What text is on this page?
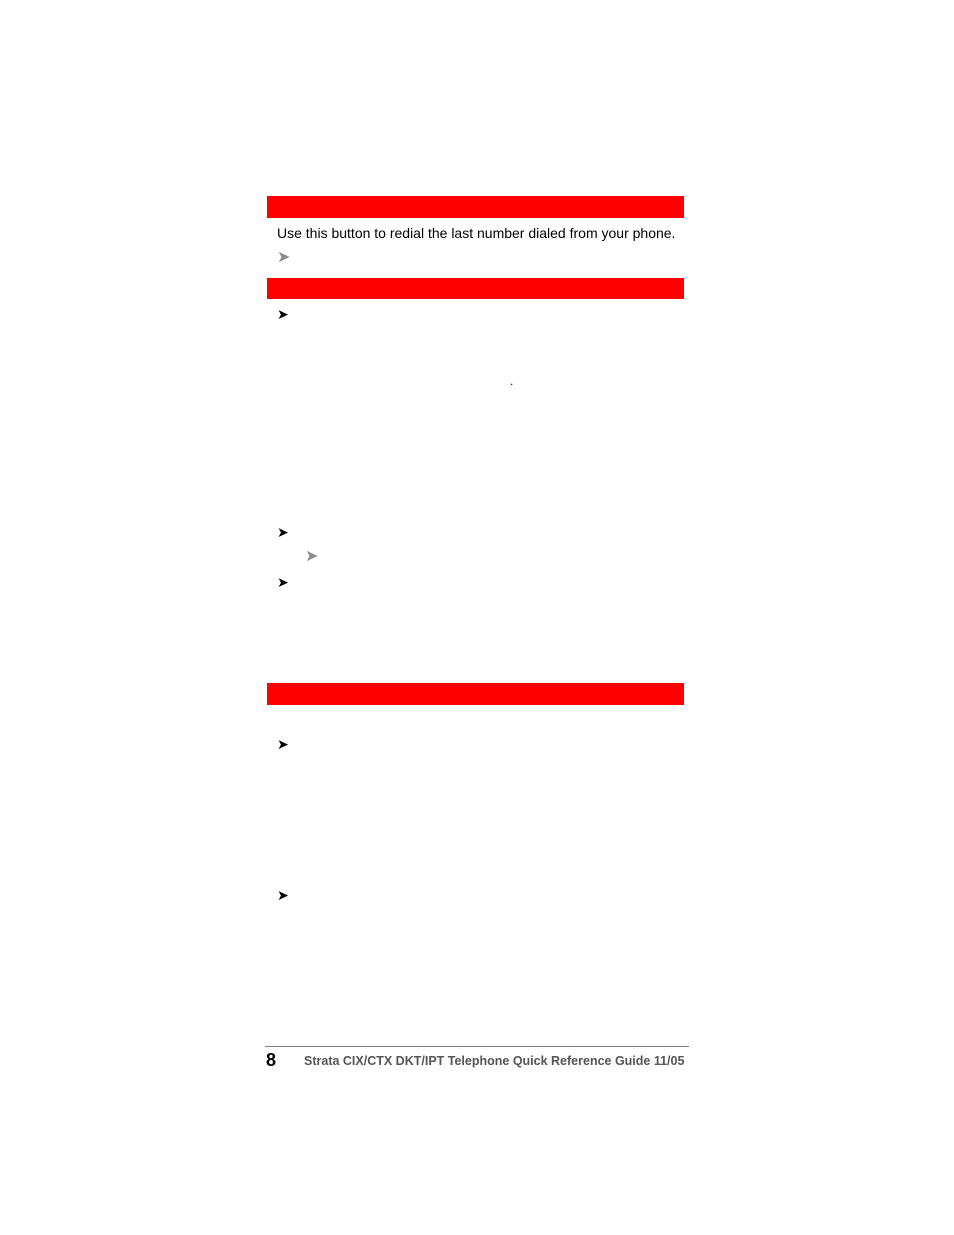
Use this button to redial the last number dialed from your phone.
➤
➤
.
➤
➤
➤
➤
➤
8 Strata CIX/CTX DKT/IPT Telephone Quick Reference Guide 11/05
